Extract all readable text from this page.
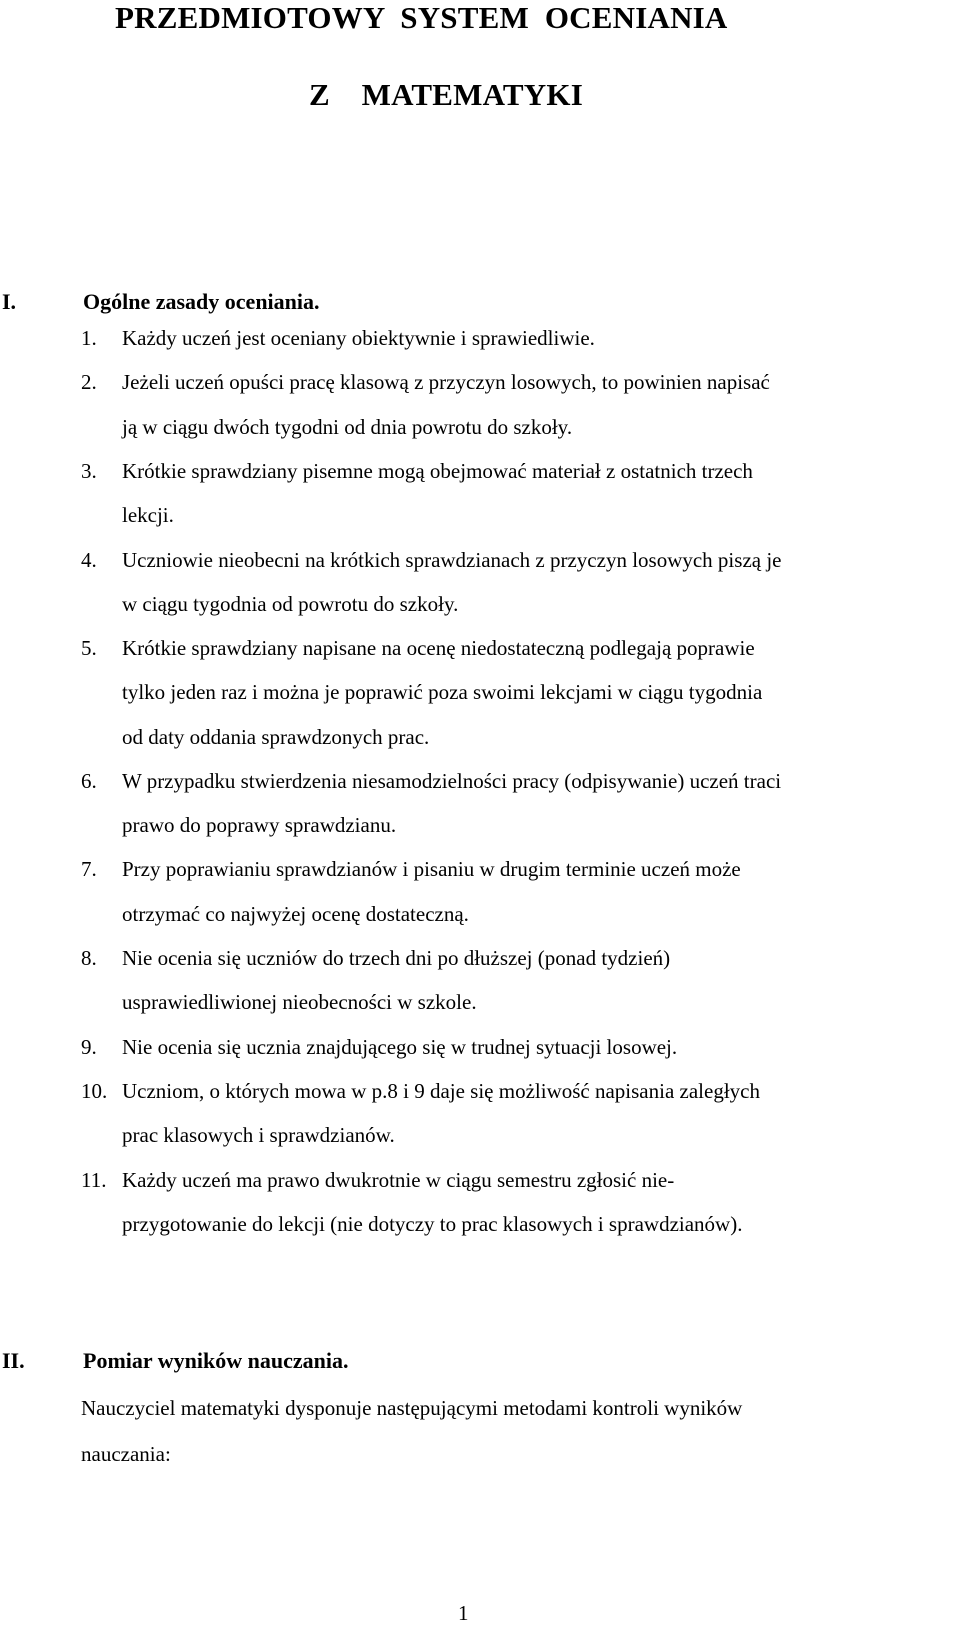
PRZEDMIOTOWY  SYSTEM  OCENIANIA
Z    MATEMATYKI
I.	Ogólne zasady oceniania.
1. Każdy uczeń jest oceniany obiektywnie i sprawiedliwie.
2. Jeżeli uczeń opuści pracę klasową z przyczyn losowych, to powinien napisać
ją w ciągu dwóch tygodni od dnia powrotu do szkoły.
3. Krótkie sprawdziany pisemne mogą obejmować materiał z ostatnich trzech
lekcji.
4. Uczniowie nieobecni na krótkich sprawdzianach z przyczyn losowych piszą je
w ciągu tygodnia od powrotu do szkoły.
5. Krótkie sprawdziany napisane na ocenę niedostateczną podlegają poprawie
tylko jeden raz i można je poprawić poza swoimi lekcjami w ciągu tygodnia
od daty oddania sprawdzonych prac.
6. W przypadku stwierdzenia niesamodzielności pracy (odpisywanie) uczeń traci
prawo do poprawy sprawdzianu.
7. Przy poprawianiu sprawdzianów i pisaniu w drugim terminie uczeń może
otrzymać co najwyżej ocenę dostateczną.
8. Nie ocenia się uczniów do trzech dni po dłuższej (ponad tydzień)
usprawiedliwionej nieobecności w szkole.
9. Nie ocenia się ucznia znajdującego się w trudnej sytuacji losowej.
10. Uczniom, o których mowa w p.8 i 9 daje się możliwość napisania zaległych
prac klasowych i sprawdzianów.
11. Każdy uczeń ma prawo dwukrotnie w ciągu semestru zgłosić nie-
przygotowanie do lekcji (nie dotyczy to prac klasowych i sprawdzianów).
II.	Pomiar wyników nauczania.
Nauczyciel matematyki dysponuje następującymi metodami kontroli wyników
nauczania:
1
